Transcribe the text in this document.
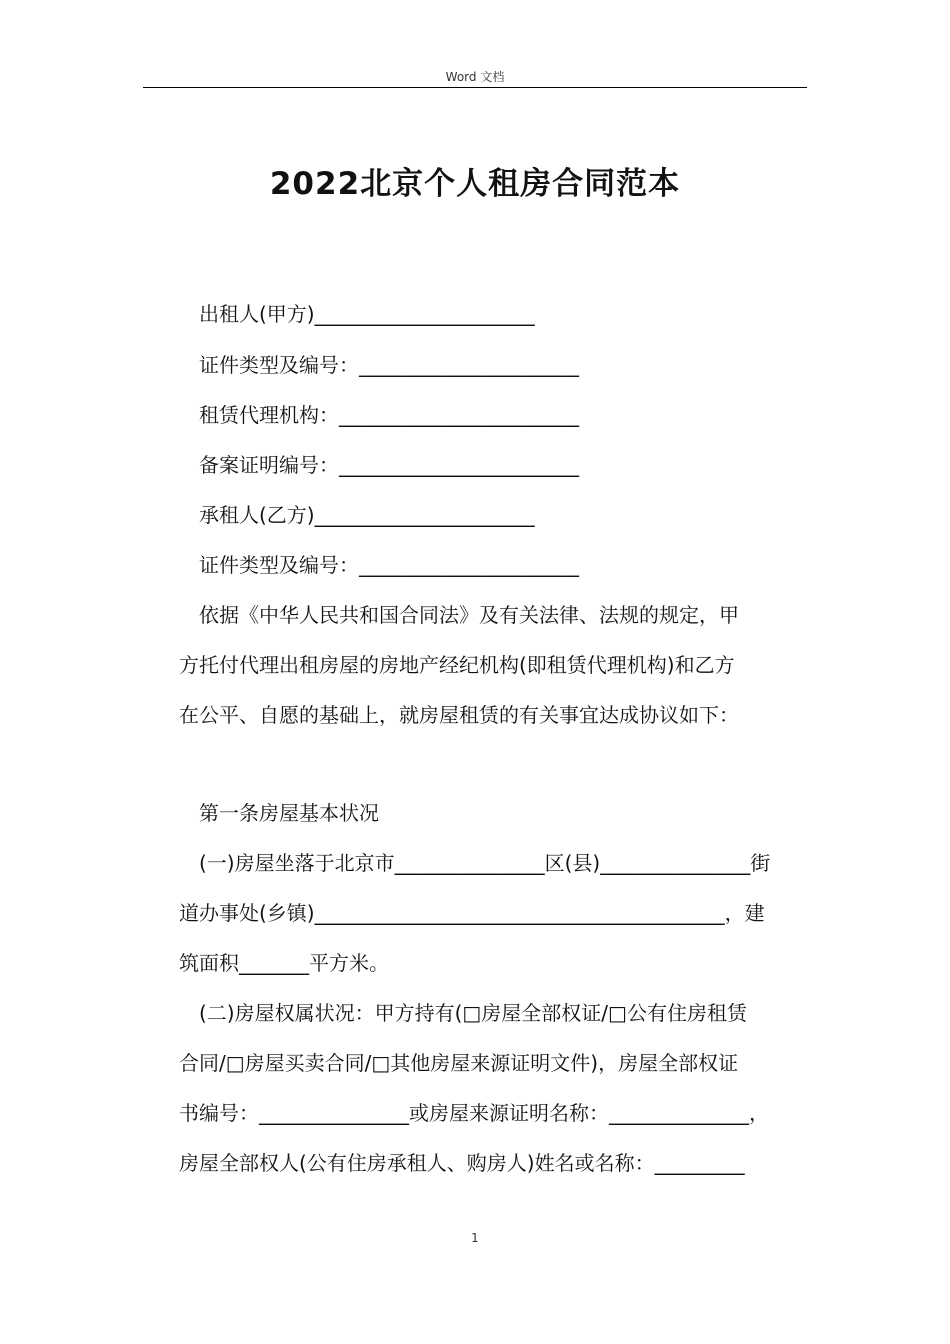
Word 文档
2022北京个人租房合同范本
出租人(甲方)______________________
证件类型及编号：______________________
租赁代理机构：________________________
备案证明编号：________________________
承租人(乙方)______________________
证件类型及编号：______________________
依据《中华人民共和国合同法》及有关法律、法规的规定，甲
方托付代理出租房屋的房地产经纪机构(即租赁代理机构)和乙方
在公平、自愿的基础上，就房屋租赁的有关事宜达成协议如下：
第一条房屋基本状况
(一)房屋坐落于北京市_______________区(县)_______________街
道办事处(乡镇)_________________________________________，建
筑面积_______平方米。
(二)房屋权属状况：甲方持有(□房屋全部权证/□公有住房租赁
合同/□房屋买卖合同/□其他房屋来源证明文件)，房屋全部权证
书编号：_______________或房屋来源证明名称：______________，
房屋全部权人(公有住房承租人、购房人)姓名或名称：_________
1
